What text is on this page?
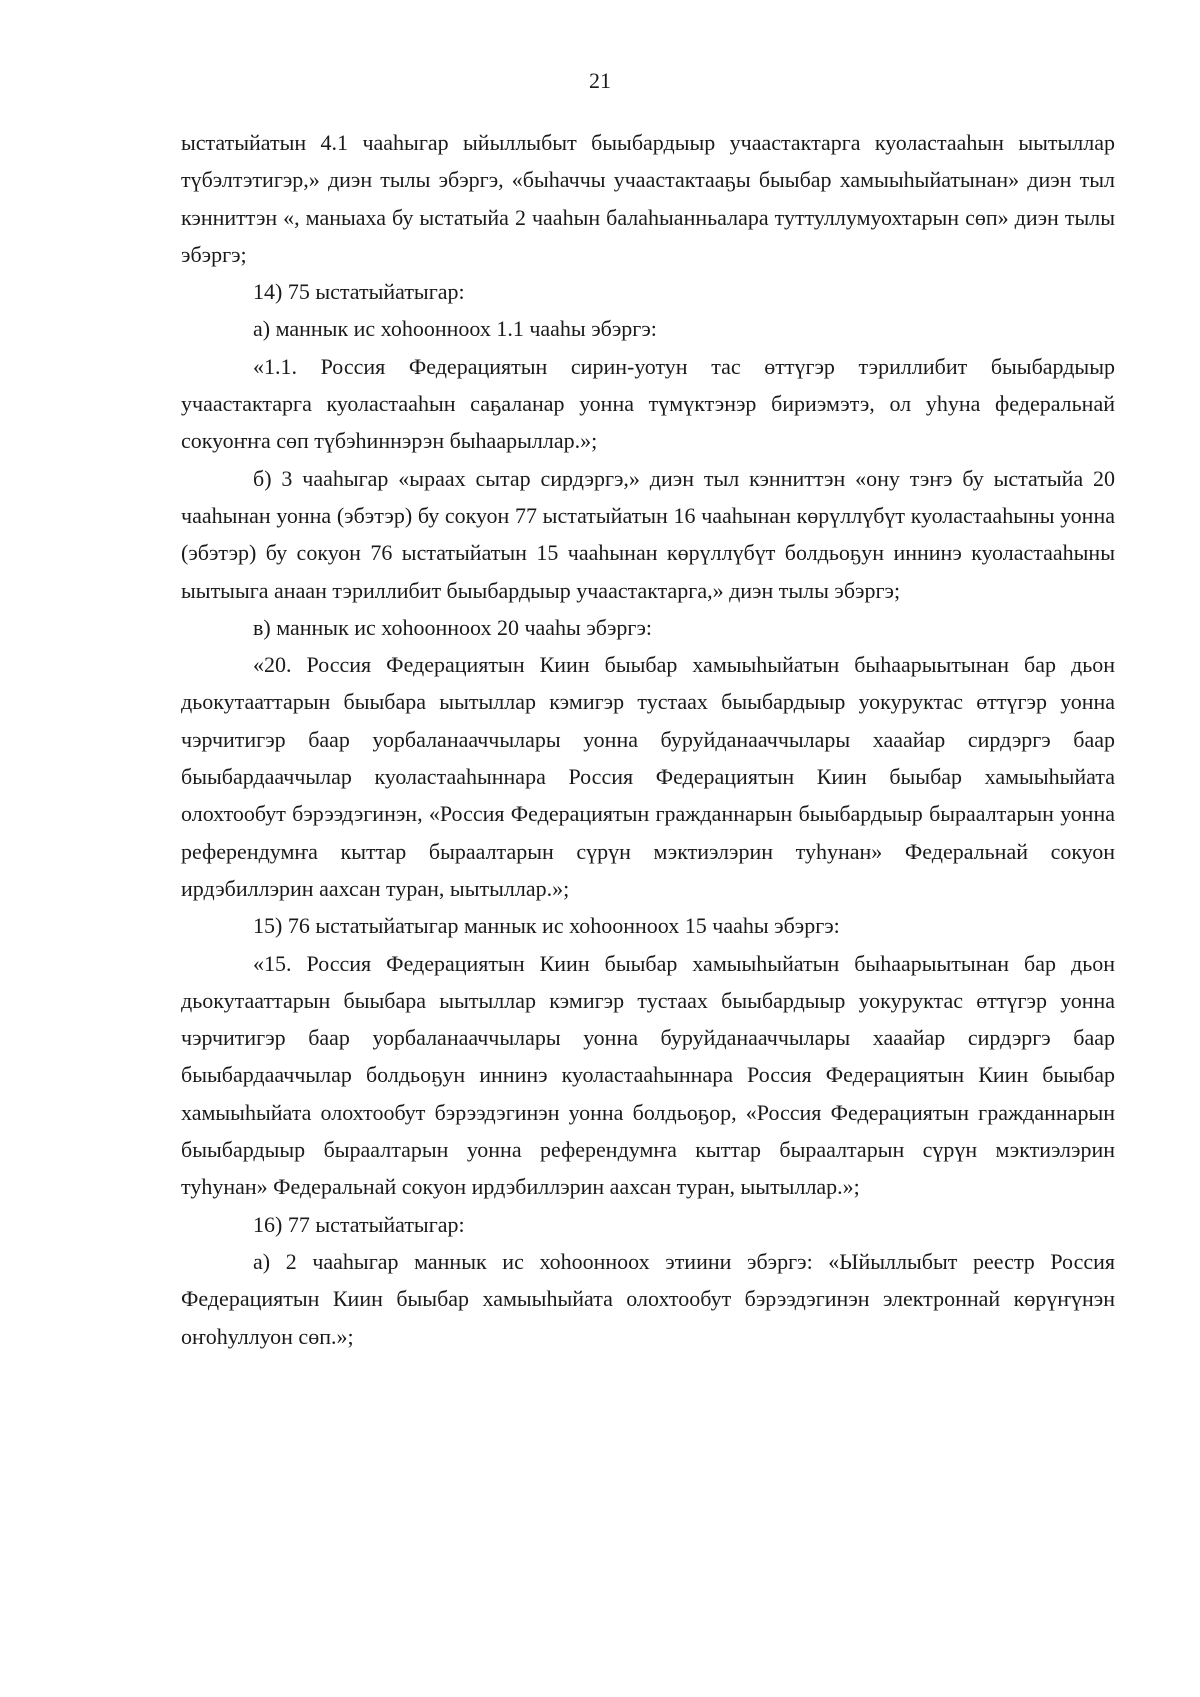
21

ыстатыйатын 4.1 чааһыгар ыйыллыбыт быыбардыыр учаастактарга куоластааһын ыытыллар түбэлтэтигэр,» диэн тылы эбэргэ, «быһаччы учаастактааҕы быыбар хамыыһыйатынан» диэн тыл кэнниттэн «, маныаха бу ыстатыйа 2 чааһын балаһыанньалара туттуллумуохтарын сөп» диэн тылы эбэргэ;

14) 75 ыстатыйатыгар:

а) маннык ис хоһооннoох 1.1 чааһы эбэргэ:

«1.1. Россия Федерациятын сирин-уотун тас өттүгэр тэриллибит быыбардыыр учаастактарга куоластааһын саҕаланар уонна түмүктэнэр бириэмэтэ, ол уһуна федеральнай сокуоҥҥа сөп түбэһиннэрэн быһаарыллар.»;

б) 3 чааһыгар «ыраах сытар сирдэргэ,» диэн тыл кэнниттэн «ону тэҥэ бу ыстатыйа 20 чааһынан уонна (эбэтэр) бу сокуон 77 ыстатыйатын 16 чааһынан көрүллүбүт куоластааһыны уонна (эбэтэр) бу сокуон 76 ыстатыйатын 15 чааһынан көрүллүбүт болдьоҕун иннинэ куоластааһыны ыытыыга анаан тэриллибит быыбардыыр учаастактарга,» диэн тылы эбэргэ;

в) маннык ис хоһооннoох 20 чааһы эбэргэ:

«20. Россия Федерациятын Киин быыбар хамыыһыйатын быһаарыытынан бар дьон дьокутааттарын быыбара ыытыллар кэмигэр тустаах быыбардыыр уокуруктас өттүгэр уонна чэрчитигэр баар уорбаланааччылары уонна буруйданааччылары хааайар сирдэргэ баар быыбардааччылар куоластааһыннара Россия Федерациятын Киин быыбар хамыыһыйата олохтообут бэрээдэгинэн, «Россия Федерациятын гражданнарын быыбардыыр быраалтарын уонна референдумҥа кыттар быраалтарын сүрүн мэктиэлэрин туһунан» Федеральнай сокуон ирдэбиллэрин аахсан туран, ыытыллар.»;

15) 76 ыстатыйатыгар маннык ис хоһооннoох 15 чааһы эбэргэ:

«15. Россия Федерациятын Киин быыбар хамыыһыйатын быһаарыытынан бар дьон дьокутааттарын быыбара ыытыллар кэмигэр тустаах быыбардыыр уокуруктас өттүгэр уонна чэрчитигэр баар уорбаланааччылары уонна буруйданааччылары хааайар сирдэргэ баар быыбардааччылар болдьоҕун иннинэ куоластааһыннара Россия Федерациятын Киин быыбар хамыыһыйата олохтообут бэрээдэгинэн уонна болдьоҕор, «Россия Федерациятын гражданнарын быыбардыыр быраалтарын уонна референдумҥа кыттар быраалтарын сүрүн мэктиэлэрин туһунан» Федеральнай сокуон ирдэбиллэрин аахсан туран, ыытыллар.»;

16) 77 ыстатыйатыгар:

а) 2 чааһыгар маннык ис хоһооннoох этиини эбэргэ: «Ыйыллыбыт реестр Россия Федерациятын Киин быыбар хамыыһыйата олохтообут бэрээдэгинэн электроннай көрүҥүнэн оҥоһуллуон сөп.»;
